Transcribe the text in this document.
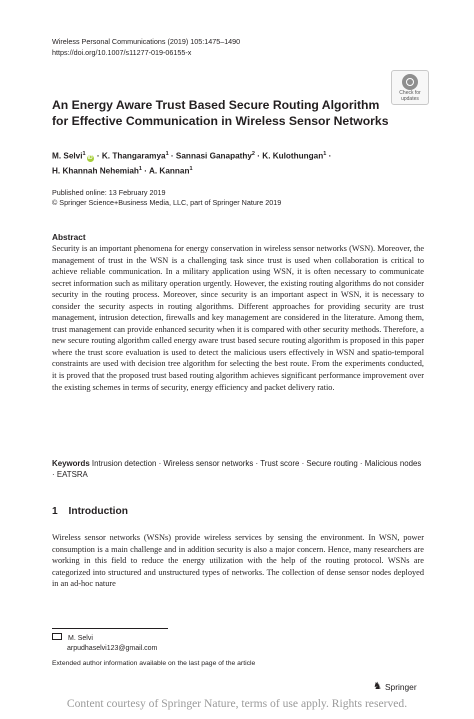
Wireless Personal Communications (2019) 105:1475–1490
https://doi.org/10.1007/s11277-019-06155-x
Check for
updates
An Energy Aware Trust Based Secure Routing Algorithm for Effective Communication in Wireless Sensor Networks
M. Selvi$^1$iD · K. Thangaramya$^1$ · Sannasi Ganapathy$^2$ · K. Kulothungan$^1$ ·
H. Khannah Nehemiah$^1$ · A. Kannan$^1$
Published online: 13 February 2019
© Springer Science+Business Media, LLC, part of Springer Nature 2019
Abstract
Security is an important phenomena for energy conservation in wireless sensor networks (WSN). Moreover, the management of trust in the WSN is a challenging task since trust is used when collaboration is critical to achieve reliable communication. In a military application using WSN, it is often necessary to communicate secret information such as military operation urgently. However, the existing routing algorithms do not consider security in the routing process. Moreover, since security is an important aspect in WSN, it is necessary to consider the security aspects in routing algorithms. Different approaches for providing security are trust management, intrusion detection, firewalls and key management are considered in the literature. Among them, trust management can provide enhanced security when it is compared with other security methods. Therefore, a new secure routing algorithm called energy aware trust based secure routing algorithm is proposed in this paper where the trust score evaluation is used to detect the malicious users effectively in WSN and spatio-temporal constraints are used with decision tree algorithm for selecting the best route. From the experiments conducted, it is proved that the proposed trust based routing algorithm achieves significant performance improvement over the existing schemes in terms of security, energy efficiency and packet delivery ratio.
Keywords Intrusion detection · Wireless sensor networks · Trust score · Secure routing · Malicious nodes · EATSRA
1 Introduction
Wireless sensor networks (WSNs) provide wireless services by sensing the environment. In WSN, power consumption is a main challenge and in addition security is also a major concern. Hence, many researchers are working in this field to reduce the energy utilization with the help of the routing protocol. WSNs are categorized into structured and unstructured types of networks. The collection of dense sensor nodes deployed in an ad-hoc nature
M. Selvi
arpudhaselvi123@gmail.com
Extended author information available on the last page of the article
♞ Springer
Content courtesy of Springer Nature, terms of use apply. Rights reserved.
